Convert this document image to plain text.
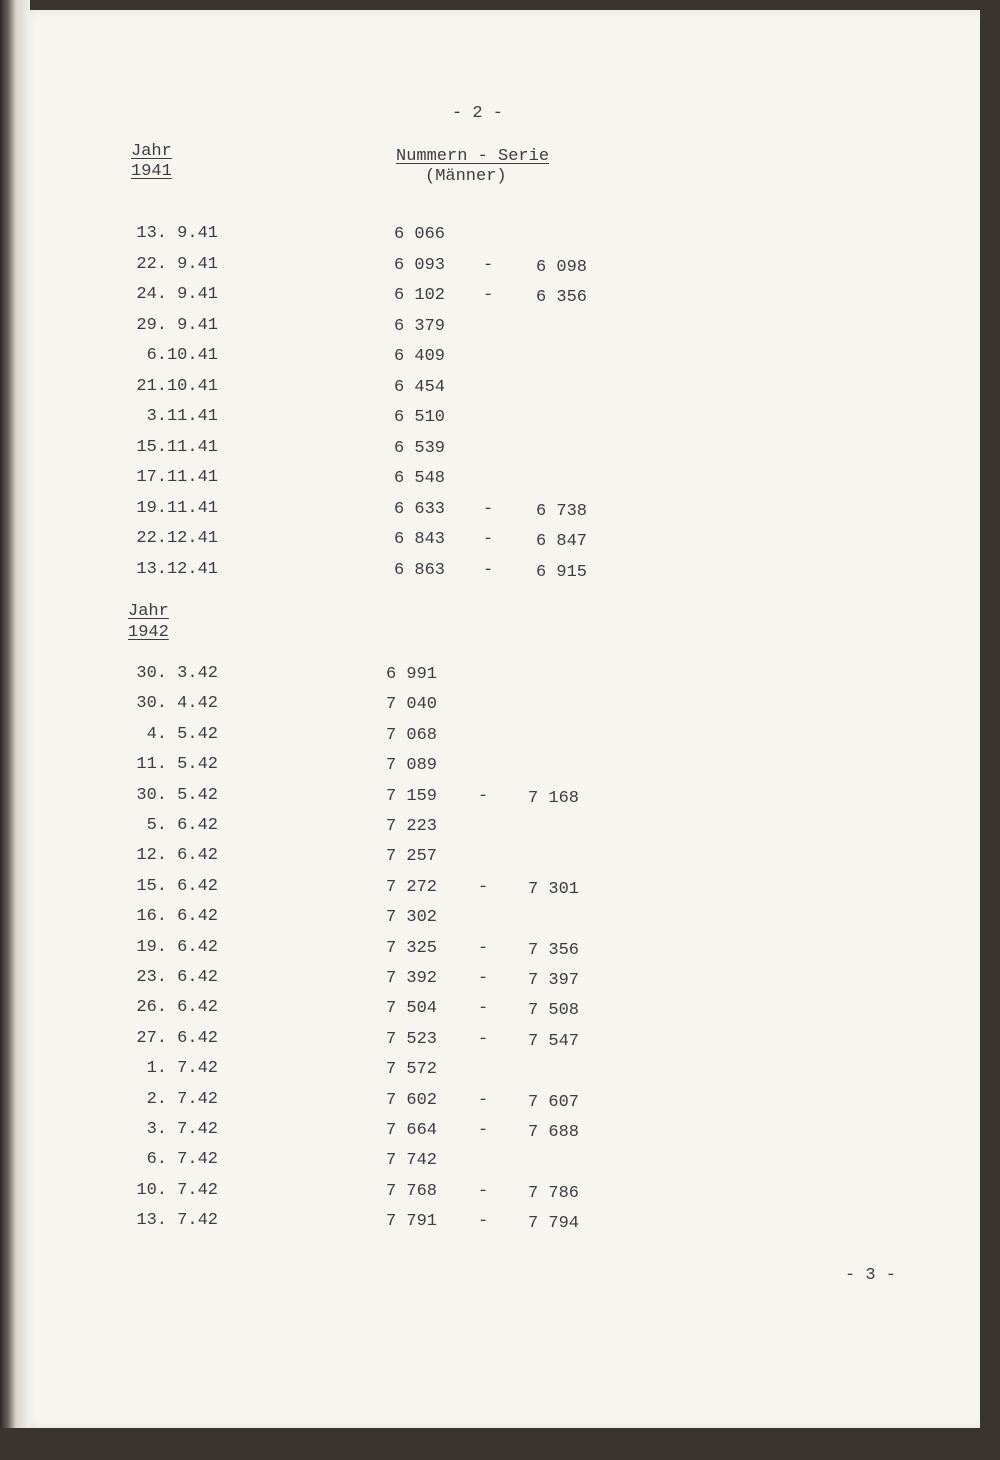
- 2 -
Jahr
1941
Nummern - Serie
(Männer)
Jahr
1942
13. 9.41	6 066
22. 9.41	6 093 -	6 098
24. 9.41	6 102 -	6 356
29. 9.41	6 379
6.10.41	6 409
21.10.41	6 454
3.11.41	6 510
15.11.41	6 539
17.11.41	6 548
19.11.41	6 633 -	6 738
22.12.41	6 843 -	6 847
13.12.41	6 863 -	6 915
30. 3.42	6 991
30. 4.42	7 040
4. 5.42	7 068
11. 5.42	7 089
30. 5.42	7 159 - 7 168
5. 6.42	7 223
12. 6.42	7 257
15. 6.42	7 272 - 7 301
16. 6.42	7 302
19. 6.42	7 325 - 7 356
23. 6.42	7 392 - 7 397
26. 6.42	7 504 - 7 508
27. 6.42	7 523 - 7 547
1. 7.42	7 572
2. 7.42	7 602 - 7 607
3. 7.42	7 664 - 7 688
6. 7.42	7 742
10. 7.42	7 768 - 7 786
13. 7.42	7 791 - 7 794
- 3 -
